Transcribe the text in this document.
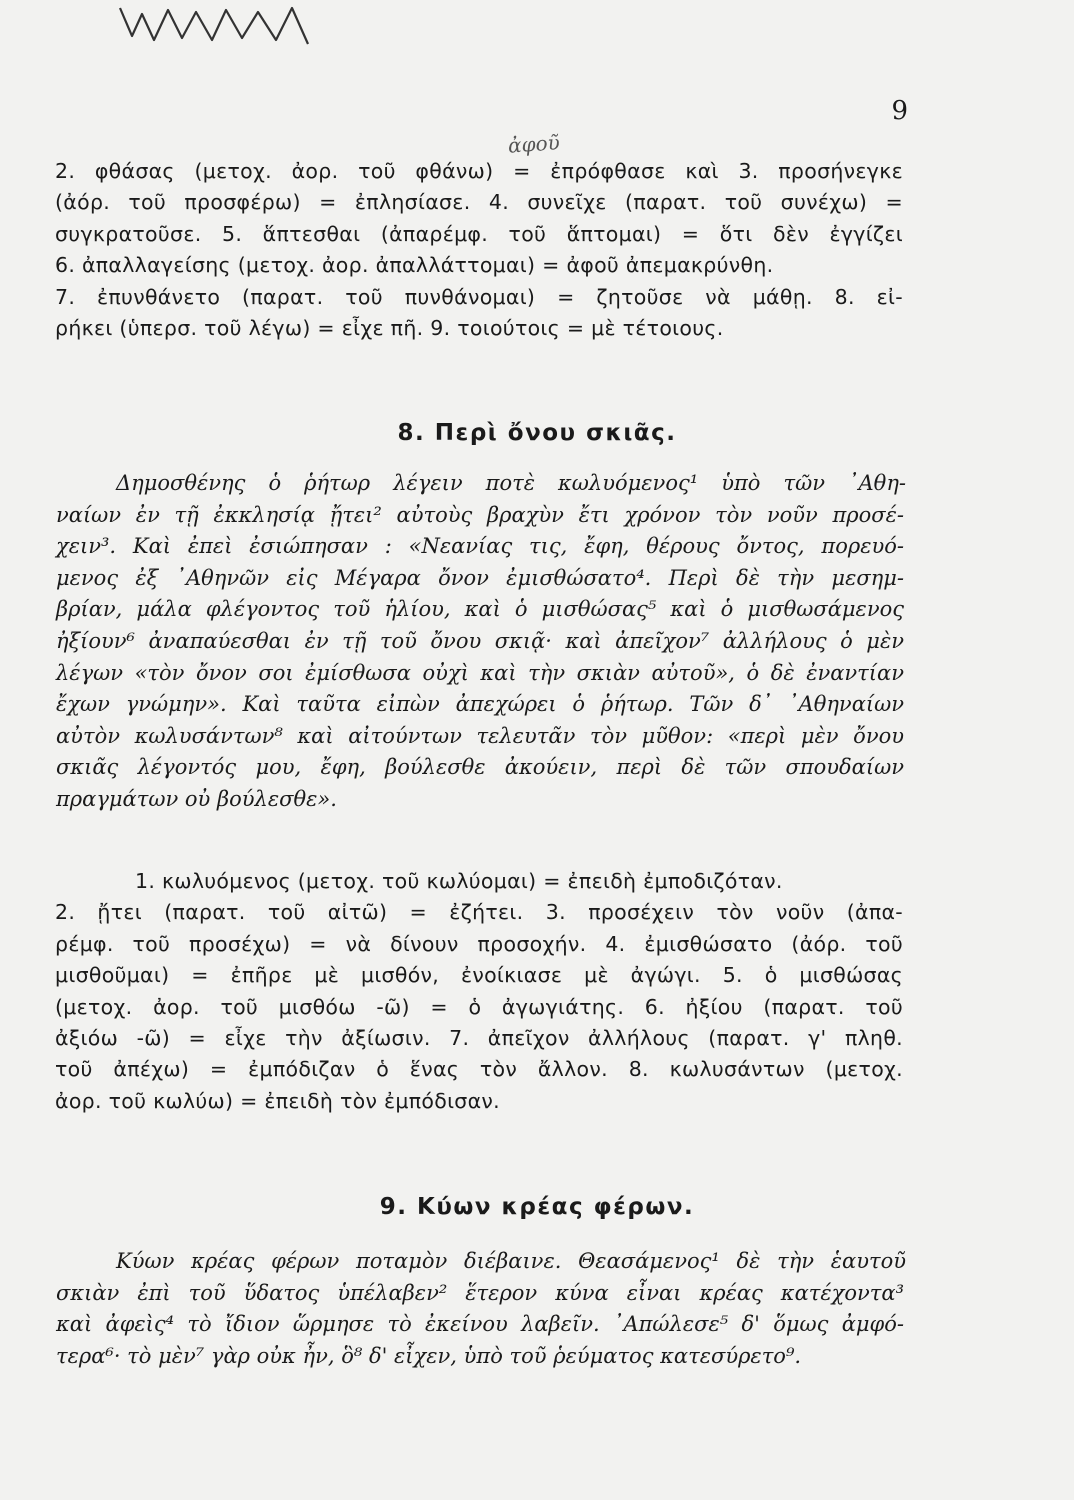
ἀφοῦ
9
2. φθάσας (μετοχ. ἀορ. τοῦ φθάνω) = ἐπρόφθασε καὶ 3. προσήνεγκε
(ἀόρ. τοῦ προσφέρω) = ἐπλησίασε. 4. συνεῖχε (παρατ. τοῦ συνέχω) =
συγκρατοῦσε. 5. ἅπτεσθαι (ἀπαρέμφ. τοῦ ἅπτομαι) = ὅτι δὲν ἐγγίζει
6. ἀπαλλαγείσης (μετοχ. ἀορ. ἀπαλλάττομαι) = ἀφοῦ ἀπεμακρύνθη.
7. ἐπυνθάνετο (παρατ. τοῦ πυνθάνομαι) = ζητοῦσε νὰ μάθῃ. 8. εἰ-
ρήκει (ὑπερσ. τοῦ λέγω) = εἶχε πῆ. 9. τοιούτοις = μὲ τέτοιους.
8. Περὶ ὄνου σκιᾶς.
Δημοσθένης ὁ ῥήτωρ λέγειν ποτὲ κωλυόμενος¹ ὑπὸ τῶν ᾿Αθη-
ναίων ἐν τῇ ἐκκλησίᾳ ᾔτει² αὐτοὺς βραχὺν ἔτι χρόνον τὸν νοῦν προσέ-
χειν³. Καὶ ἐπεὶ ἐσιώπησαν : «Νεανίας τις, ἔφη, θέρους ὄντος, πορευό-
μενος ἐξ ᾿Αθηνῶν εἰς Μέγαρα ὄνον ἐμισθώσατο⁴. Περὶ δὲ τὴν μεσημ-
βρίαν, μάλα φλέγοντος τοῦ ἡλίου, καὶ ὁ μισθώσας⁵ καὶ ὁ μισθωσάμενος
ἠξίουν⁶ ἀναπαύεσθαι ἐν τῇ τοῦ ὄνου σκιᾷ· καὶ ἀπεῖχον⁷ ἀλλήλους ὁ μὲν
λέγων «τὸν ὄνον σοι ἐμίσθωσα οὐχὶ καὶ τὴν σκιὰν αὐτοῦ», ὁ δὲ ἐναντίαν
ἔχων γνώμην». Καὶ ταῦτα εἰπὼν ἀπεχώρει ὁ ῥήτωρ. Τῶν δ᾿ ᾿Αθηναίων
αὐτὸν κωλυσάντων⁸ καὶ αἰτούντων τελευτᾶν τὸν μῦθον: «περὶ μὲν ὄνου
σκιᾶς λέγοντός μου, ἔφη, βούλεσθε ἀκούειν, περὶ δὲ τῶν σπουδαίων
πραγμάτων οὐ βούλεσθε».
1. κωλυόμενος (μετοχ. τοῦ κωλύομαι) = ἐπειδὴ ἐμποδιζόταν.
2. ᾔτει (παρατ. τοῦ αἰτῶ) = ἐζήτει. 3. προσέχειν τὸν νοῦν (ἀπα-
ρέμφ. τοῦ προσέχω) = νὰ δίνουν προσοχήν. 4. ἐμισθώσατο (ἀόρ. τοῦ
μισθοῦμαι) = ἐπῆρε μὲ μισθόν, ἐνοίκιασε μὲ ἀγώγι. 5. ὁ μισθώσας
(μετοχ. ἀορ. τοῦ μισθόω -ῶ) = ὁ ἀγωγιάτης. 6. ἠξίου (παρατ. τοῦ
ἀξιόω -ῶ) = εἶχε τὴν ἀξίωσιν. 7. ἀπεῖχον ἀλλήλους (παρατ. γ' πληθ.
τοῦ ἀπέχω) = ἐμπόδιζαν ὁ ἕνας τὸν ἄλλον. 8. κωλυσάντων (μετοχ.
ἀορ. τοῦ κωλύω) = ἐπειδὴ τὸν ἐμπόδισαν.
9. Κύων κρέας φέρων.
Κύων κρέας φέρων ποταμὸν διέβαινε. Θεασάμενος¹ δὲ τὴν ἑαυτοῦ
σκιὰν ἐπὶ τοῦ ὕδατος ὑπέλαβεν² ἕτερον κύνα εἶναι κρέας κατέχοντα³
καὶ ἀφεὶς⁴ τὸ ἴδιον ὥρμησε τὸ ἐκείνου λαβεῖν. ᾿Απώλεσε⁵ δ' ὅμως ἀμφό-
τερα⁶· τὸ μὲν⁷ γὰρ οὐκ ἦν, ὃ⁸ δ' εἶχεν, ὑπὸ τοῦ ῥεύματος κατεσύρετο⁹.
